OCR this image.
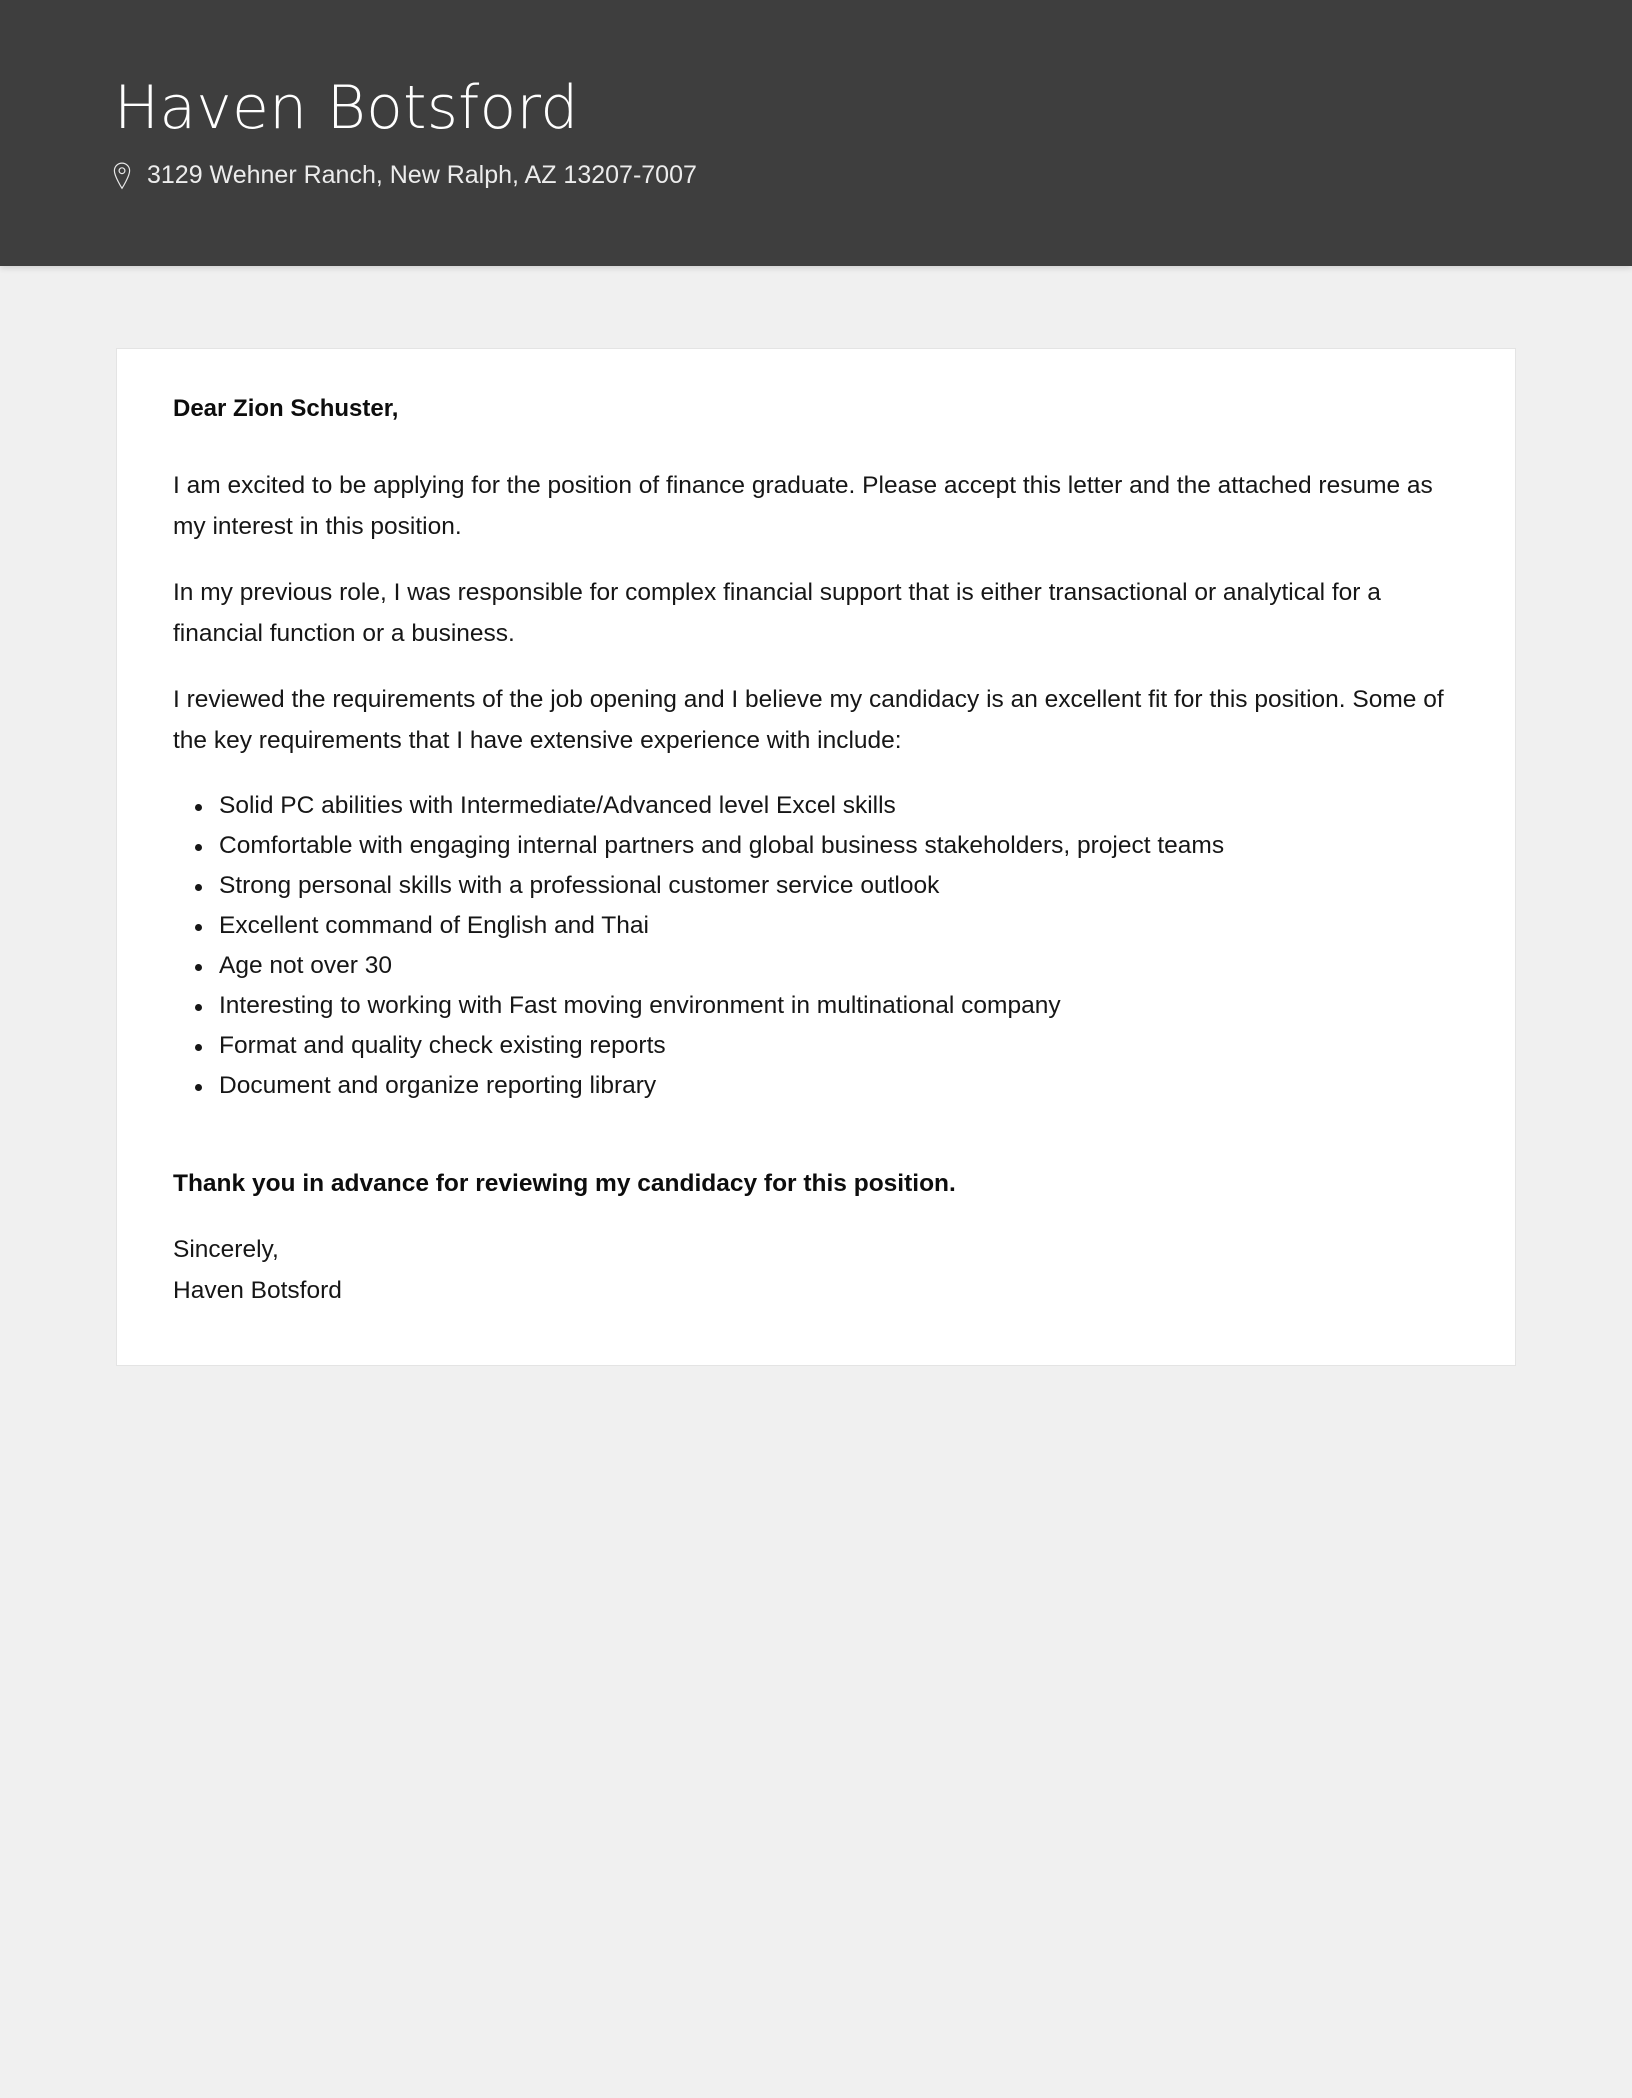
Haven Botsford
3129 Wehner Ranch, New Ralph, AZ 13207-7007

Dear Zion Schuster,

I am excited to be applying for the position of finance graduate. Please accept this letter and the attached resume as my interest in this position.

In my previous role, I was responsible for complex financial support that is either transactional or analytical for a financial function or a business.

I reviewed the requirements of the job opening and I believe my candidacy is an excellent fit for this position. Some of the key requirements that I have extensive experience with include:

Solid PC abilities with Intermediate/Advanced level Excel skills
Comfortable with engaging internal partners and global business stakeholders, project teams
Strong personal skills with a professional customer service outlook
Excellent command of English and Thai
Age not over 30
Interesting to working with Fast moving environment in multinational company
Format and quality check existing reports
Document and organize reporting library

Thank you in advance for reviewing my candidacy for this position.

Sincerely,
Haven Botsford
